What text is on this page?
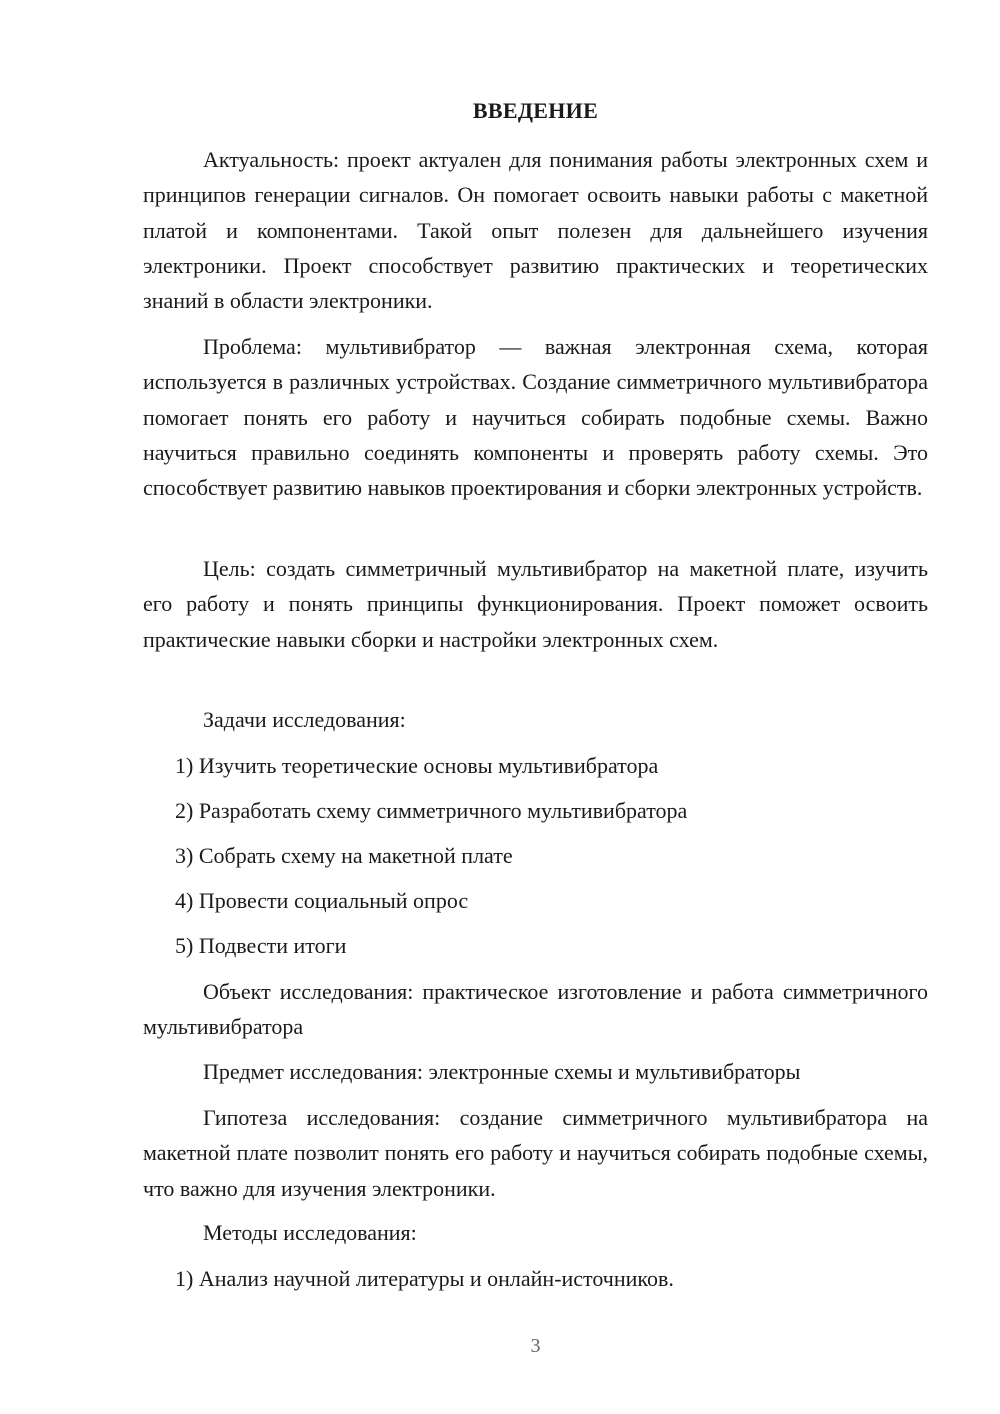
ВВЕДЕНИЕ

Актуальность: проект актуален для понимания работы электронных схем и принципов генерации сигналов. Он помогает освоить навыки работы с макетной платой и компонентами. Такой опыт полезен для дальнейшего изучения электроники. Проект способствует развитию практических и теоретических знаний в области электроники.

Проблема: мультивибратор — важная электронная схема, которая используется в различных устройствах. Создание симметричного мультивибратора помогает понять его работу и научиться собирать подобные схемы. Важно научиться правильно соединять компоненты и проверять работу схемы. Это способствует развитию навыков проектирования и сборки электронных устройств.

Цель: создать симметричный мультивибратор на макетной плате, изучить его работу и понять принципы функционирования. Проект поможет освоить практические навыки сборки и настройки электронных схем.

Задачи исследования:

1) Изучить теоретические основы мультивибратора

2) Разработать схему симметричного мультивибратора

3) Собрать схему на макетной плате

4) Провести социальный опрос

5) Подвести итоги

Объект исследования: практическое изготовление и работа симметричного мультивибратора

Предмет исследования: электронные схемы и мультивибраторы

Гипотеза исследования: создание симметричного мультивибратора на макетной плате позволит понять его работу и научиться собирать подобные схемы, что важно для изучения электроники.

Методы исследования:

1) Анализ научной литературы и онлайн-источников.

3
